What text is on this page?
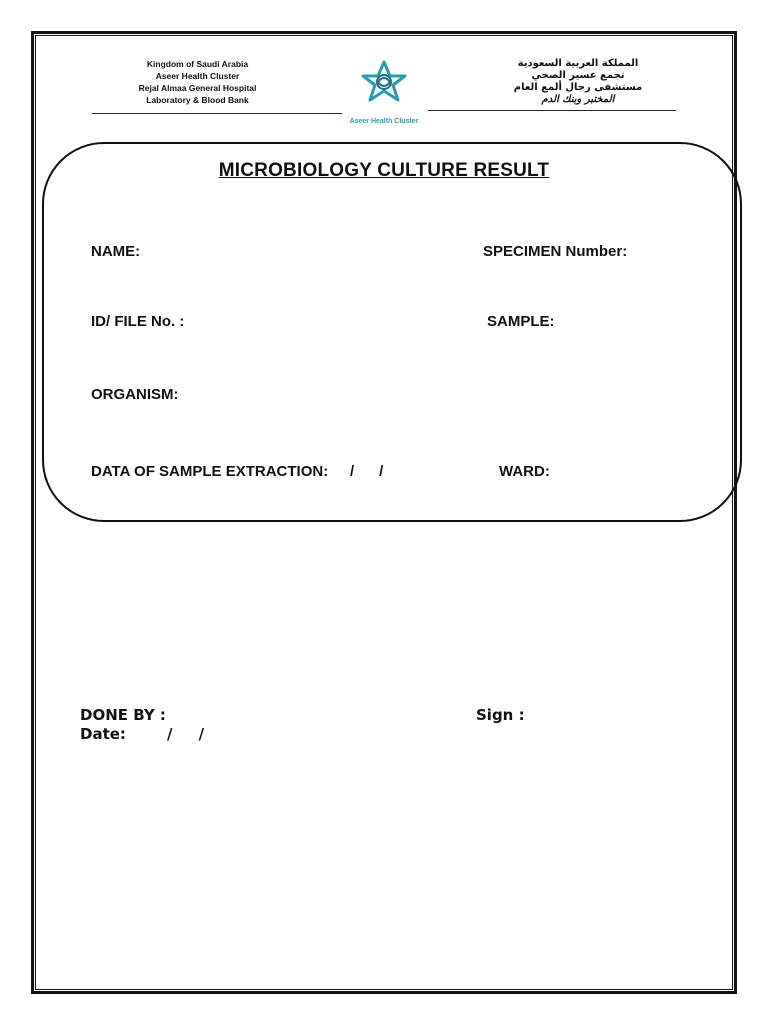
Kingdom of Saudi Arabia
Aseer Health Cluster
Rejal Almaa General Hospital
Laboratory & Blood Bank
المملكة العربية السعودية
تجمع عسير الصحي
مستشفى رجال ألمع العام
المختبر وبنك الدم
Aseer Health Cluster
MICROBIOLOGY CULTURE RESULT
NAME:	SPECIMEN Number:
ID/ FILE No. :	SAMPLE:
ORGANISM:
DATA OF SAMPLE EXTRACTION: /      /	WARD:
DONE BY :	Sign :
Date:	/     /
